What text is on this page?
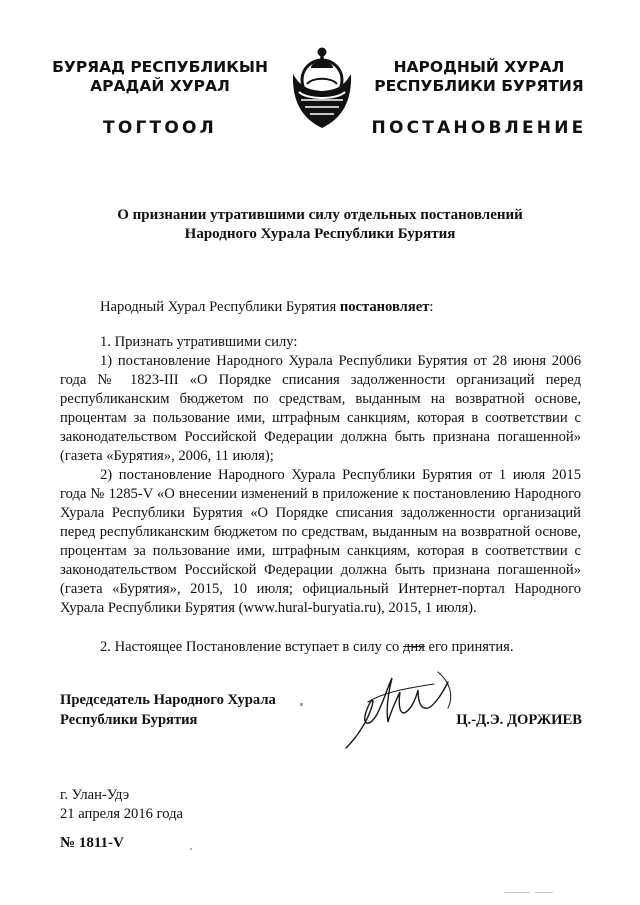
БУРЯАД РЕСПУБЛИКЫН
АРАДАЙ ХУРАЛ
НАРОДНЫЙ ХУРАЛ
РЕСПУБЛИКИ БУРЯТИЯ
ТОГТООЛ	ПОСТАНОВЛЕНИЕ
О признании утратившими силу отдельных постановлений
Народного Хурала Республики Бурятия

Народный Хурал Республики Бурятия постановляет:

1. Признать утратившими силу:

1) постановление Народного Хурала Республики Бурятия от 28 июня 2006 года № 1823-III «О Порядке списания задолженности организаций перед республиканским бюджетом по средствам, выданным на возвратной основе, процентам за пользование ими, штрафным санкциям, которая в соответствии с законодательством Российской Федерации должна быть признана погашенной» (газета «Бурятия», 2006, 11 июля);

2) постановление Народного Хурала Республики Бурятия от 1 июля 2015 года № 1285-V «О внесении изменений в приложение к постановлению Народного Хурала Республики Бурятия «О Порядке списания задолженности организаций перед республиканским бюджетом по средствам, выданным на возвратной основе, процентам за пользование ими, штрафным санкциям, которая в соответствии с законодательством Российской Федерации должна быть признана погашенной» (газета «Бурятия», 2015, 10 июля; официальный Интернет-портал Народного Хурала Республики Бурятия (www.hural-buryatia.ru), 2015, 1 июля).

2. Настоящее Постановление вступает в силу со дня его принятия.

Председатель Народного Хурала
Республики Бурятия	Ц.-Д.Э. ДОРЖИЕВ
г. Улан-Удэ
21 апреля 2016 года
№ 1811-V
